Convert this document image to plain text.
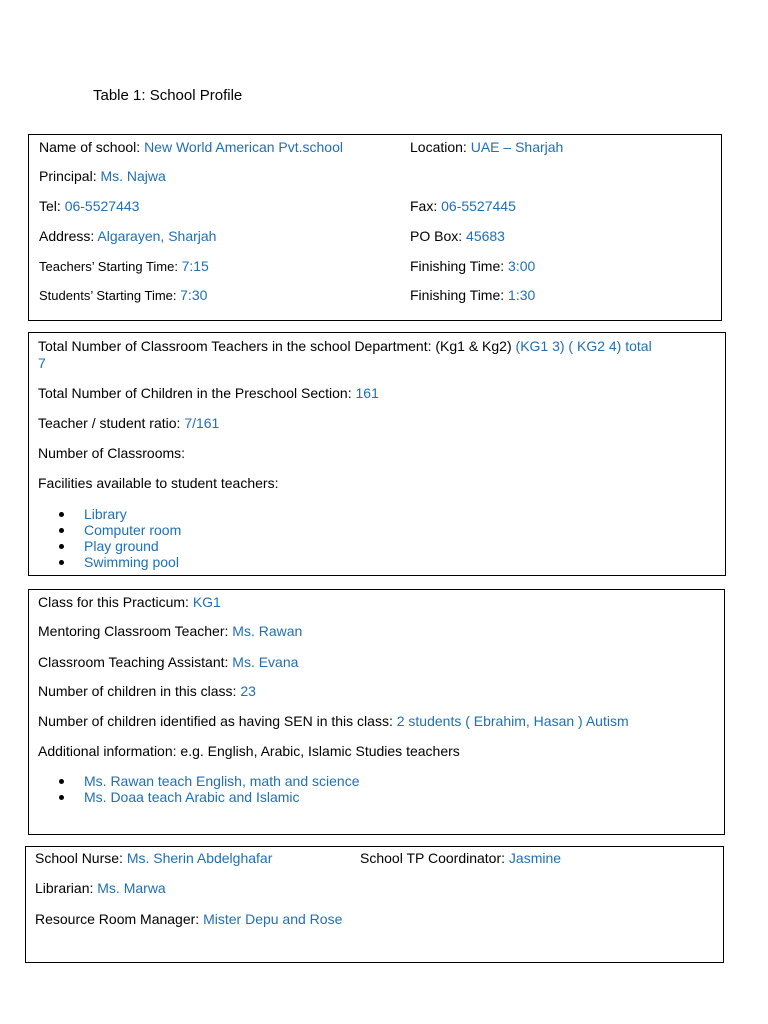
Table 1: School Profile
Name of school: New World American Pvt.school	Location: UAE – Sharjah
Principal: Ms. Najwa
Tel: 06-5527443	Fax: 06-5527445
Address: Algarayen, Sharjah	PO Box: 45683
Teachers’ Starting Time: 7:15	Finishing Time: 3:00
Students’ Starting Time: 7:30	Finishing Time: 1:30
Total Number of Classroom Teachers in the school Department: (Kg1 & Kg2) (KG1 3) ( KG2 4) total
7
Total Number of Children in the Preschool Section: 161
Teacher / student ratio: 7/161
Number of Classrooms:
Facilities available to student teachers:
Library
Computer room
Play ground
Swimming pool
Class for this Practicum: KG1
Mentoring Classroom Teacher: Ms. Rawan
Classroom Teaching Assistant: Ms. Evana
Number of children in this class: 23
Number of children identified as having SEN in this class: 2 students ( Ebrahim, Hasan ) Autism
Additional information: e.g. English, Arabic, Islamic Studies teachers
Ms. Rawan teach English, math and science
Ms. Doaa teach Arabic and Islamic
School Nurse: Ms. Sherin Abdelghafar	School TP Coordinator: Jasmine
Librarian: Ms. Marwa
Resource Room Manager: Mister Depu and Rose
